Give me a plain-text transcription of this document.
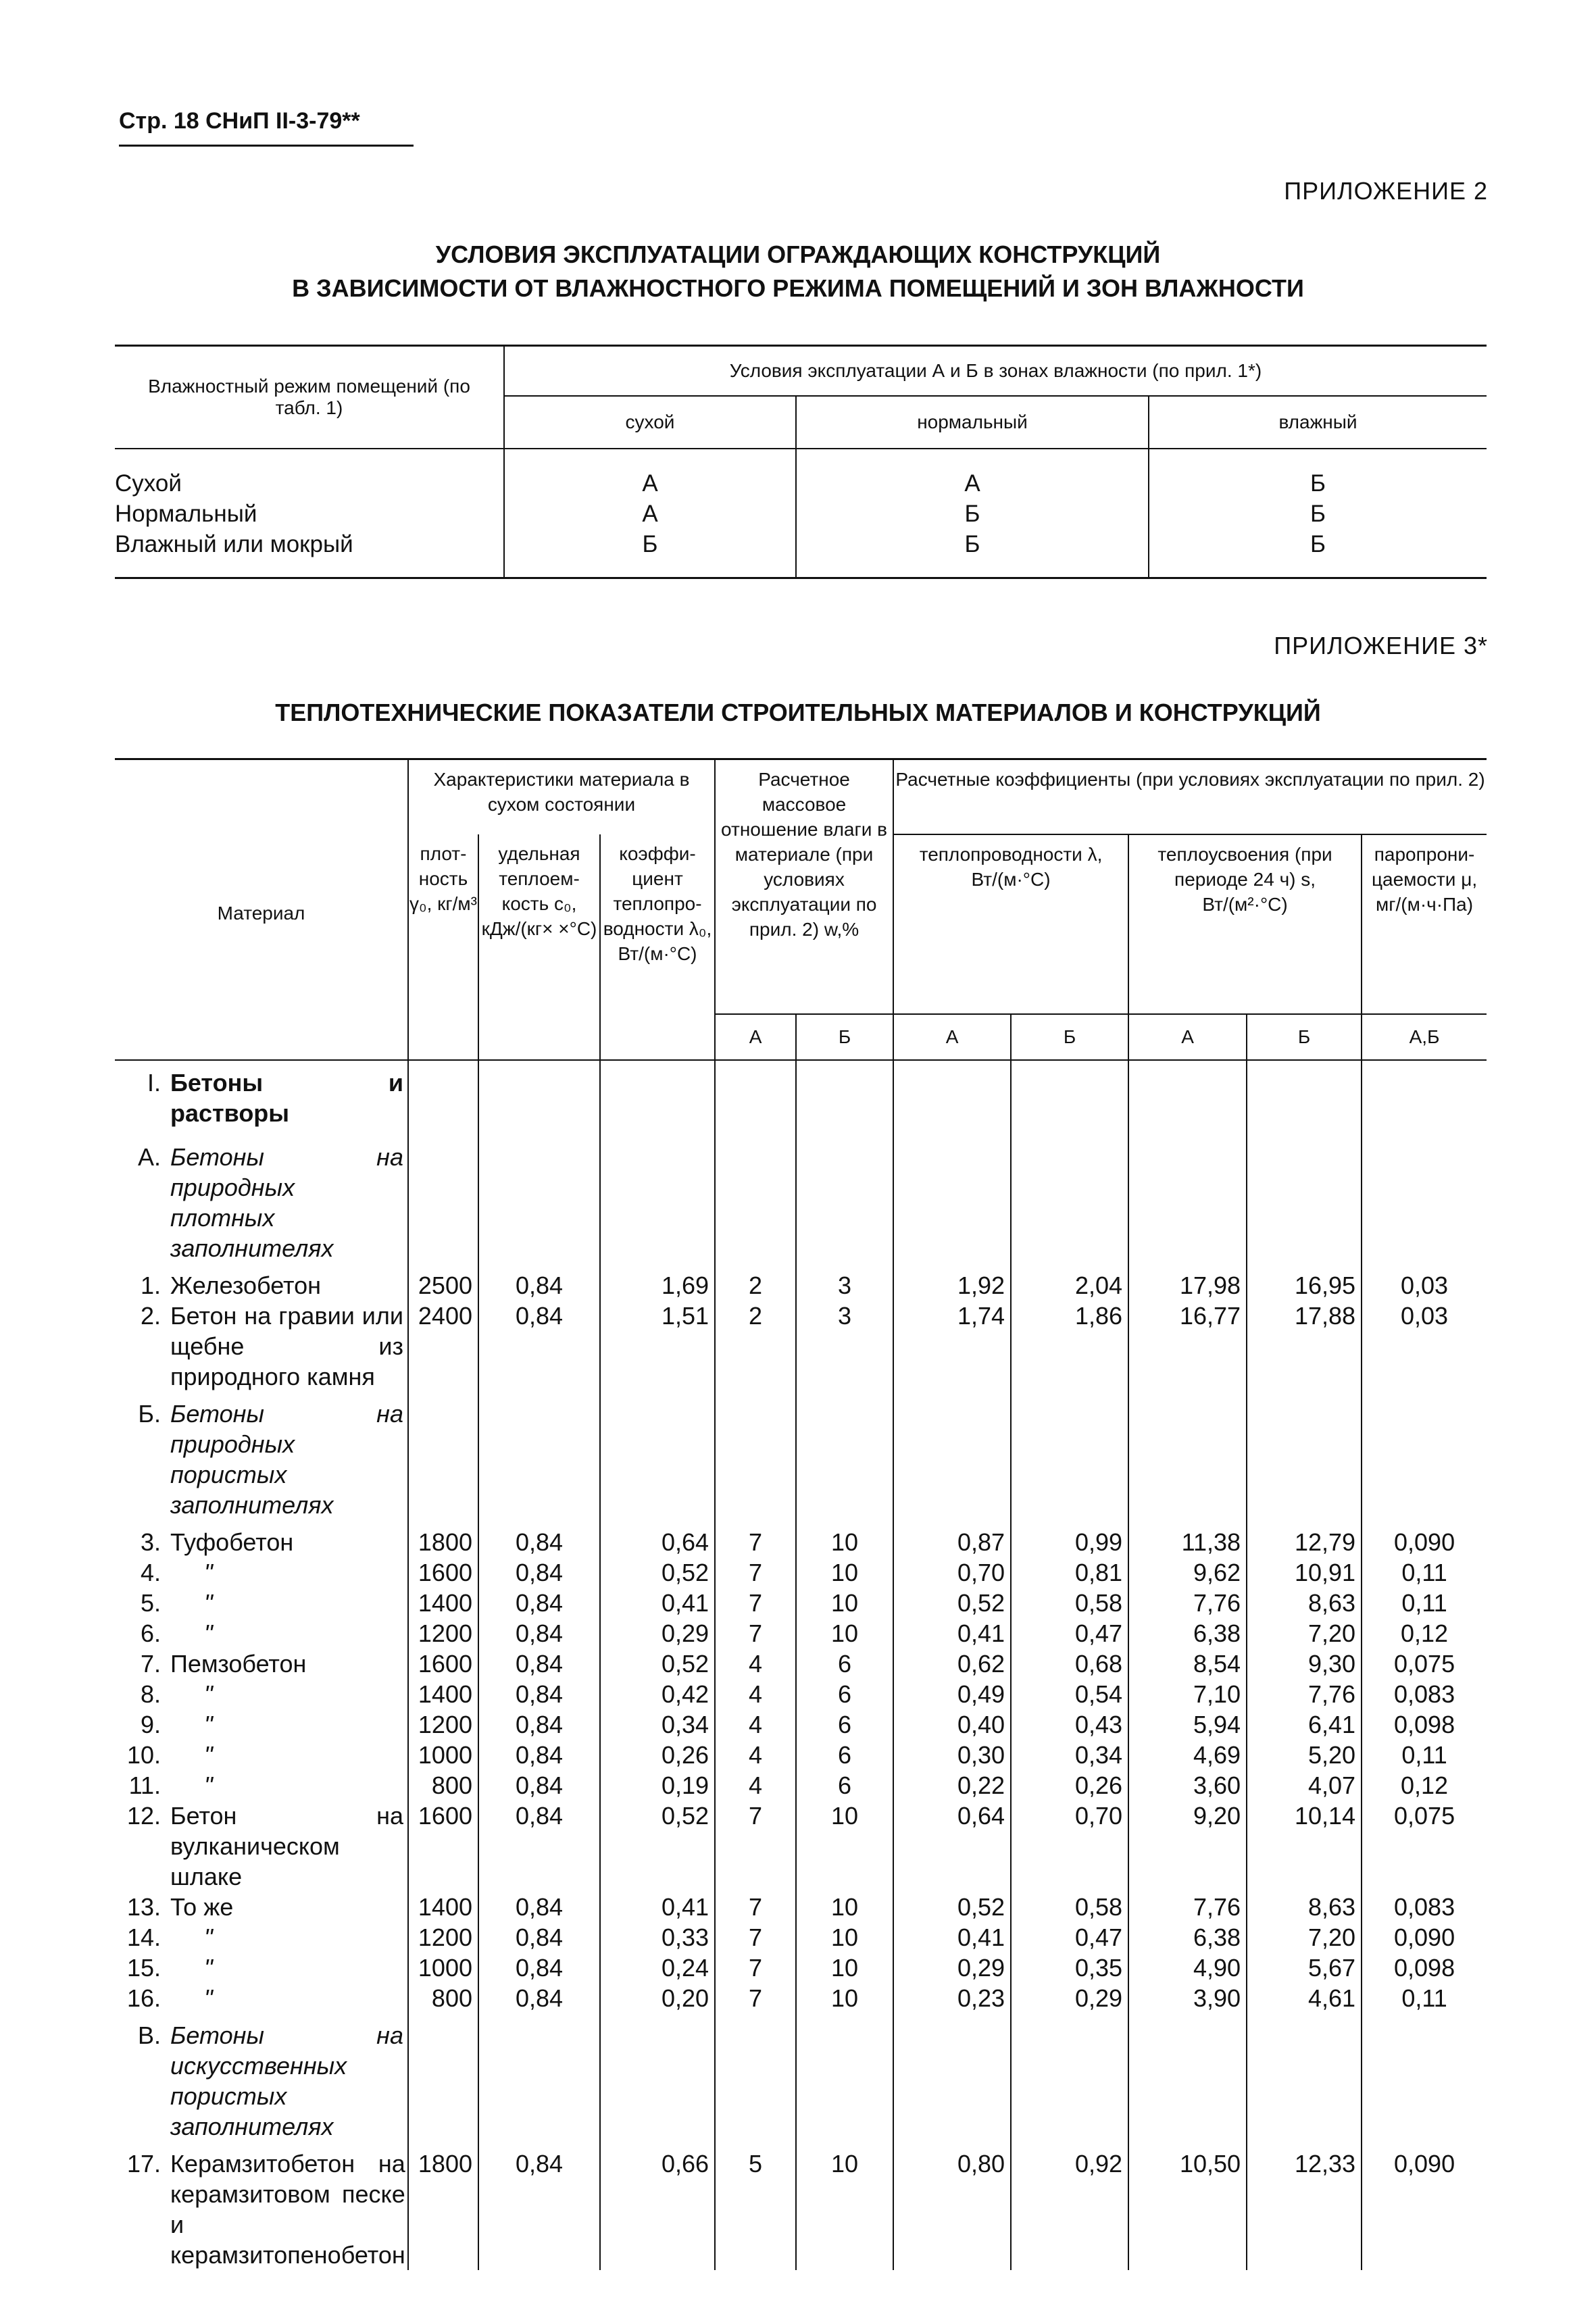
Стр. 18 СНиП II-3-79**
ПРИЛОЖЕНИЕ 2
УСЛОВИЯ ЭКСПЛУАТАЦИИ ОГРАЖДАЮЩИХ КОНСТРУКЦИЙ
В ЗАВИСИМОСТИ ОТ ВЛАЖНОСТНОГО РЕЖИМА ПОМЕЩЕНИЙ И ЗОН ВЛАЖНОСТИ
Влажностный режим помещений (по табл. 1)	Условия эксплуатации А и Б в зонах влажности (по прил. 1*)		
	сухой	нормальный	влажный
Сухой	А	А	Б
Нормальный	А	Б	Б
Влажный или мокрый	Б	Б	Б
ПРИЛОЖЕНИЕ 3*
ТЕПЛОТЕХНИЧЕСКИЕ ПОКАЗАТЕЛИ СТРОИТЕЛЬНЫХ МАТЕРИАЛОВ И КОНСТРУКЦИЙ
Материал	Характеристики материала в сухом состоянии			Расчетное массовое отношение влаги в материале (при условиях эксплуатации по прил. 2) w,%		Расчетные коэффициенты (при условиях эксплуатации по прил. 2)				
	плот-ность γ₀, кг/м³	удельная теплоем-кость c₀, кДж/(кг× ×°С)	коэффи-циент теплопро-водности λ₀, Вт/(м·°С)			теплопроводности λ, Вт/(м·°С)		теплоусвоения (при периоде 24 ч) s, Вт/(м²·°С)		паропрони-цаемости μ, мг/(м·ч·Па)
				А	Б	А	Б	А	Б	А,Б

I. Бетоны и растворы										

А. Бетоны на природных плотных заполнителях										

1. Железобетон	2500	0,84	1,69	2	3	1,92	2,04	17,98	16,95	0,03

2. Бетон на гравии или щебне из природного камня	2400	0,84	1,51	2	3	1,74	1,86	16,77	17,88	0,03

Б. Бетоны на природных пористых заполнителях										

3. Туфобетон	1800	0,84	0,64	7	10	0,87	0,99	11,38	12,79	0,090

4. "	1600	0,84	0,52	7	10	0,70	0,81	9,62	10,91	0,11

5. "	1400	0,84	0,41	7	10	0,52	0,58	7,76	8,63	0,11

6. "	1200	0,84	0,29	7	10	0,41	0,47	6,38	7,20	0,12

7. Пемзобетон	1600	0,84	0,52	4	6	0,62	0,68	8,54	9,30	0,075

8. "	1400	0,84	0,42	4	6	0,49	0,54	7,10	7,76	0,083

9. "	1200	0,84	0,34	4	6	0,40	0,43	5,94	6,41	0,098

10. "	1000	0,84	0,26	4	6	0,30	0,34	4,69	5,20	0,11

11. "	800	0,84	0,19	4	6	0,22	0,26	3,60	4,07	0,12

12. Бетон на вулканическом шлаке	1600	0,84	0,52	7	10	0,64	0,70	9,20	10,14	0,075

13. То же	1400	0,84	0,41	7	10	0,52	0,58	7,76	8,63	0,083

14. "	1200	0,84	0,33	7	10	0,41	0,47	6,38	7,20	0,090

15. "	1000	0,84	0,24	7	10	0,29	0,35	4,90	5,67	0,098

16. "	800	0,84	0,20	7	10	0,23	0,29	3,90	4,61	0,11

В. Бетоны на искусственных пористых заполнителях										

17. Керамзитобетон на керамзитовом песке и керамзитопенобетон	1800	0,84	0,66	5	10	0,80	0,92	10,50	12,33	0,090
